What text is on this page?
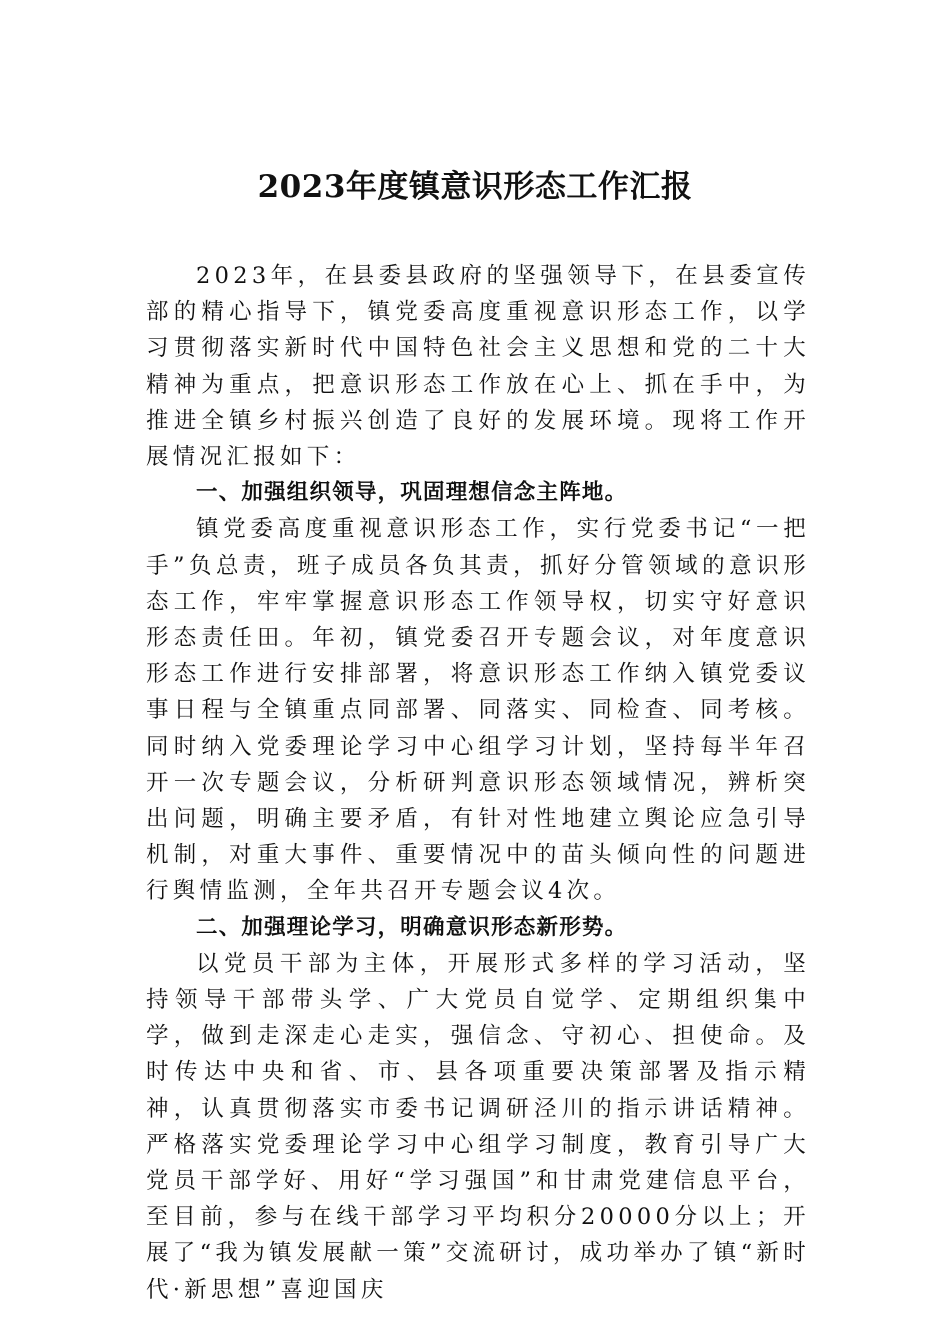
2023年度镇意识形态工作汇报

2023年，在县委县政府的坚强领导下，在县委宣传部的精心指导下，镇党委高度重视意识形态工作，以学习贯彻落实新时代中国特色社会主义思想和党的二十大精神为重点，把意识形态工作放在心上、抓在手中，为推进全镇乡村振兴创造了良好的发展环境。现将工作开展情况汇报如下：

一、加强组织领导，巩固理想信念主阵地。

镇党委高度重视意识形态工作，实行党委书记“一把手”负总责，班子成员各负其责，抓好分管领域的意识形态工作，牢牢掌握意识形态工作领导权，切实守好意识形态责任田。年初，镇党委召开专题会议，对年度意识形态工作进行安排部署，将意识形态工作纳入镇党委议事日程与全镇重点同部署、同落实、同检查、同考核。同时纳入党委理论学习中心组学习计划，坚持每半年召开一次专题会议，分析研判意识形态领域情况，辨析突出问题，明确主要矛盾，有针对性地建立舆论应急引导机制，对重大事件、重要情况中的苗头倾向性的问题进行舆情监测，全年共召开专题会议4次。

二、加强理论学习，明确意识形态新形势。

以党员干部为主体，开展形式多样的学习活动，坚持领导干部带头学、广大党员自觉学、定期组织集中学，做到走深走心走实，强信念、守初心、担使命。及时传达中央和省、市、县各项重要决策部署及指示精神，认真贯彻落实市委书记调研泾川的指示讲话精神。严格落实党委理论学习中心组学习制度，教育引导广大党员干部学好、用好“学习强国”和甘肃党建信息平台，至目前，参与在线干部学习平均积分20000分以上；开展了“我为镇发展献一策”交流研讨，成功举办了镇“新时代·新思想”喜迎国庆
